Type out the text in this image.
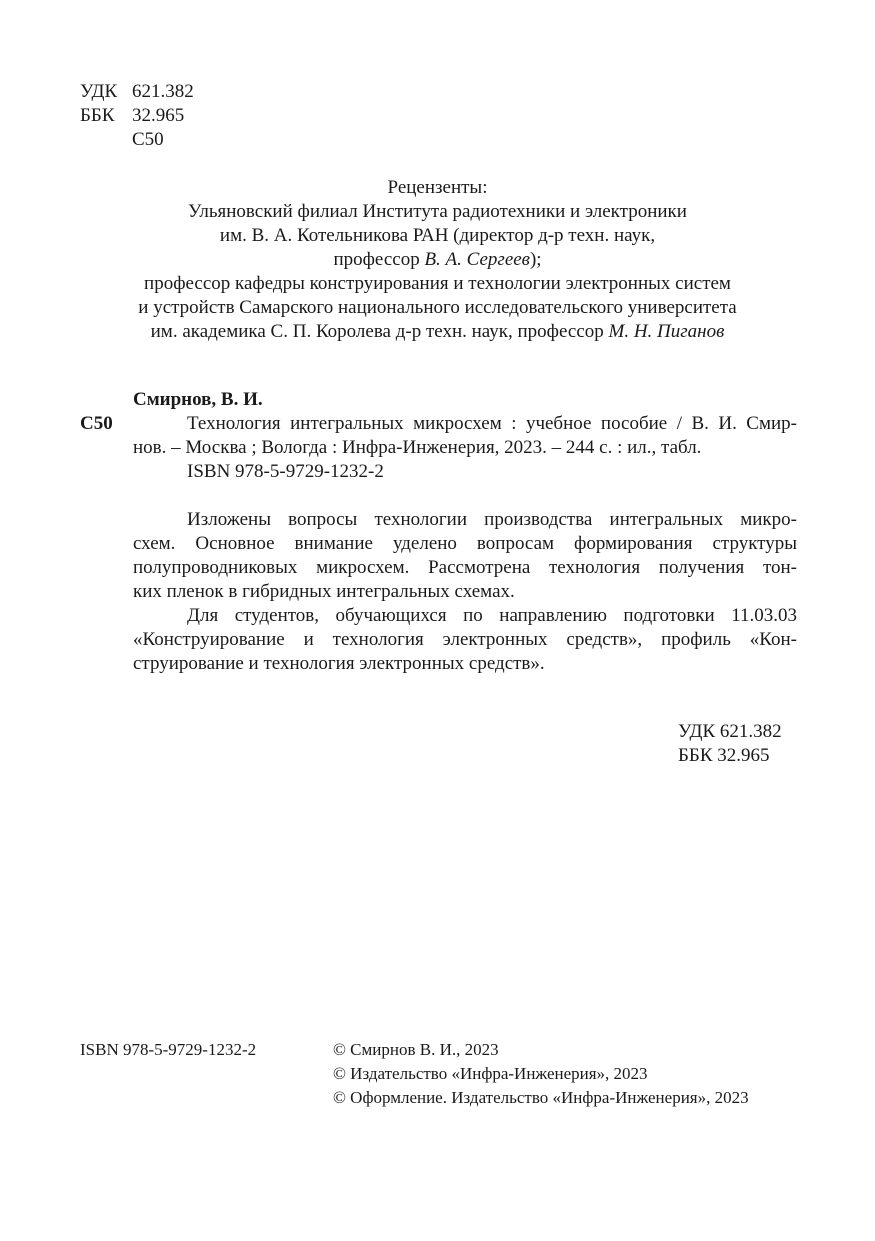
УДК 621.382
ББК 32.965
С50
Рецензенты:
Ульяновский филиал Института радиотехники и электроники
им. В. А. Котельникова РАН (директор д-р техн. наук,
профессор В. А. Сергеев);
профессор кафедры конструирования и технологии электронных систем
и устройств Самарского национального исследовательского университета
им. академика С. П. Королева д-р техн. наук, профессор М. Н. Пиганов
Смирнов, В. И.
С50	Технология интегральных микросхем : учебное пособие / В. И. Смир-
нов. – Москва ; Вологда : Инфра-Инженерия, 2023. – 244 с. : ил., табл.
ISBN 978-5-9729-1232-2
Изложены вопросы технологии производства интегральных микро-
схем. Основное внимание уделено вопросам формирования структуры
полупроводниковых микросхем. Рассмотрена технология получения тон-
ких пленок в гибридных интегральных схемах.
Для студентов, обучающихся по направлению подготовки 11.03.03
«Конструирование и технология электронных средств», профиль «Кон-
струирование и технология электронных средств».
УДК 621.382
ББК 32.965
ISBN 978-5-9729-1232-2	© Смирнов В. И., 2023
© Издательство «Инфра-Инженерия», 2023
© Оформление. Издательство «Инфра-Инженерия», 2023
